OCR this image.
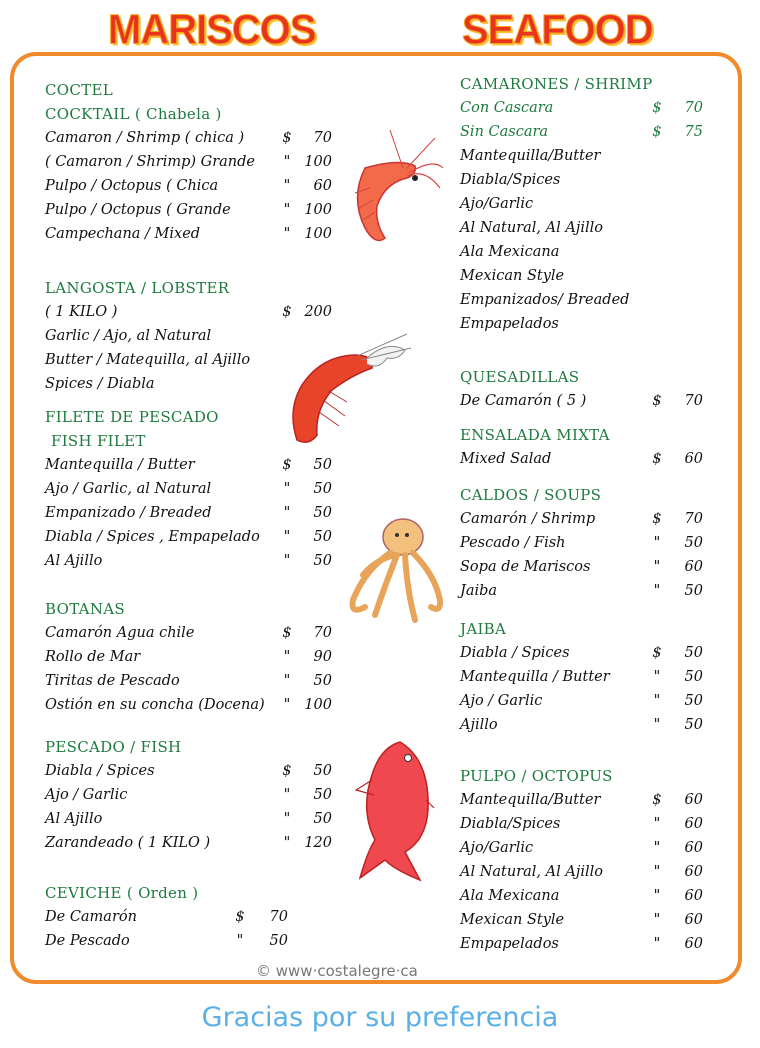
MARISCOS	SEAFOOD
COCTEL
COCKTAIL ( Chabela )
Camaron / Shrimp ( chica )	$ 70
( Camaron / Shrimp) Grande " 100
Pulpo / Octopus ( Chica	" 60
Pulpo / Octopus ( Grande	" 100
Campechana / Mixed	" 100
LANGOSTA / LOBSTER
( 1 KILO )	$ 200
Garlic / Ajo, al Natural
Butter / Matequilla, al Ajillo
Spices / Diabla
FILETE DE PESCADO
FISH FILET
Mantequilla / Butter	$ 50
Ajo / Garlic, al Natural	" 50
Empanizado / Breaded	" 50
Diabla / Spices , Empapelado " 50
Al Ajillo	" 50
BOTANAS
Camarón Agua chile	$ 70
Rollo de Mar	" 90
Tiritas de Pescado	" 50
Ostión en su concha (Docena) " 100
PESCADO / FISH
Diabla / Spices	$ 50
Ajo / Garlic	" 50
Al Ajillo	" 50
Zarandeado ( 1 KILO )	" 120
CEVICHE ( Orden )
De Camarón	$ 70
De Pescado	" 50
CAMARONES / SHRIMP
Con Cascara	$ 70
Sin Cascara	$ 75
Mantequilla/Butter
Diabla/Spices
Ajo/Garlic
Al Natural, Al Ajillo
Ala Mexicana
Mexican Style
Empanizados/ Breaded
Empapelados
QUESADILLAS
De Camarón ( 5 )	$ 70
ENSALADA MIXTA
Mixed Salad	$ 60
CALDOS / SOUPS
Camarón / Shrimp	$ 70
Pescado / Fish	" 50
Sopa de Mariscos	" 60
Jaiba	" 50
JAIBA
Diabla / Spices	$ 50
Mantequilla / Butter	" 50
Ajo / Garlic	" 50
Ajillo	" 50
PULPO / OCTOPUS
Mantequilla/Butter	$ 60
Diabla/Spices	" 60
Ajo/Garlic	" 60
Al Natural, Al Ajillo	" 60
Ala Mexicana	" 60
Mexican Style	" 60
Empapelados	" 60
© www·costalegre·ca
Gracias por su preferencia
